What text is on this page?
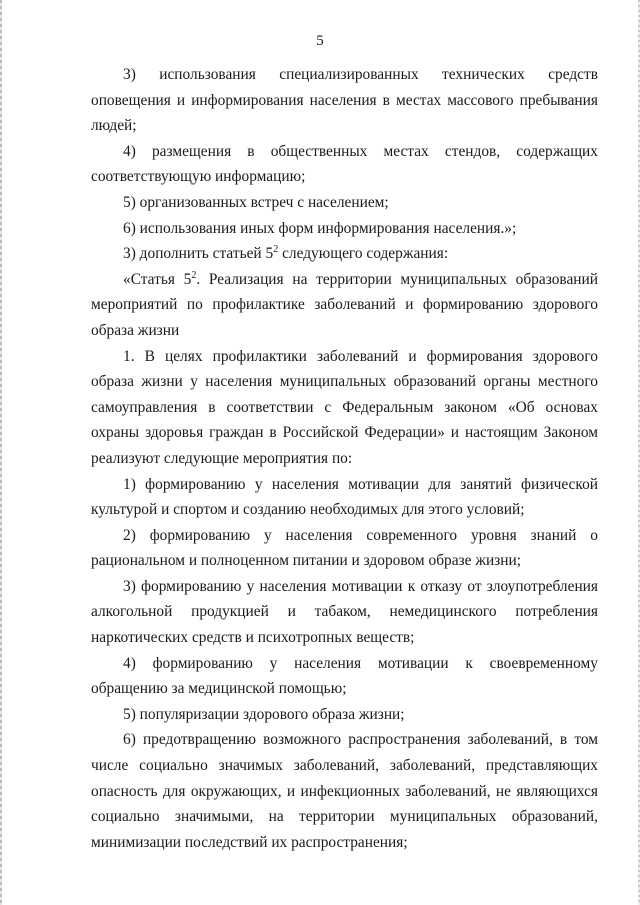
5

3) использования специализированных технических средств оповещения и информирования населения в местах массового пребывания людей;

4) размещения в общественных местах стендов, содержащих соответствующую информацию;

5) организованных встреч с населением;

6) использования иных форм информирования населения.»;

3) дополнить статьей $5^2$ следующего содержания:

«Статья $5^2$. Реализация на территории муниципальных образований мероприятий по профилактике заболеваний и формированию здорового образа жизни

1. В целях профилактики заболеваний и формирования здорового образа жизни у населения муниципальных образований органы местного самоуправления в соответствии с Федеральным законом «Об основах охраны здоровья граждан в Российской Федерации» и настоящим Законом реализуют следующие мероприятия по:

1) формированию у населения мотивации для занятий физической культурой и спортом и созданию необходимых для этого условий;

2) формированию у населения современного уровня знаний о рациональном и полноценном питании и здоровом образе жизни;

3) формированию у населения мотивации к отказу от злоупотребления алкогольной продукцией и табаком, немедицинского потребления наркотических средств и психотропных веществ;

4) формированию у населения мотивации к своевременному обращению за медицинской помощью;

5) популяризации здорового образа жизни;

6) предотвращению возможного распространения заболеваний, в том числе социально значимых заболеваний, заболеваний, представляющих опасность для окружающих, и инфекционных заболеваний, не являющихся социально значимыми, на территории муниципальных образований, минимизации последствий их распространения;
